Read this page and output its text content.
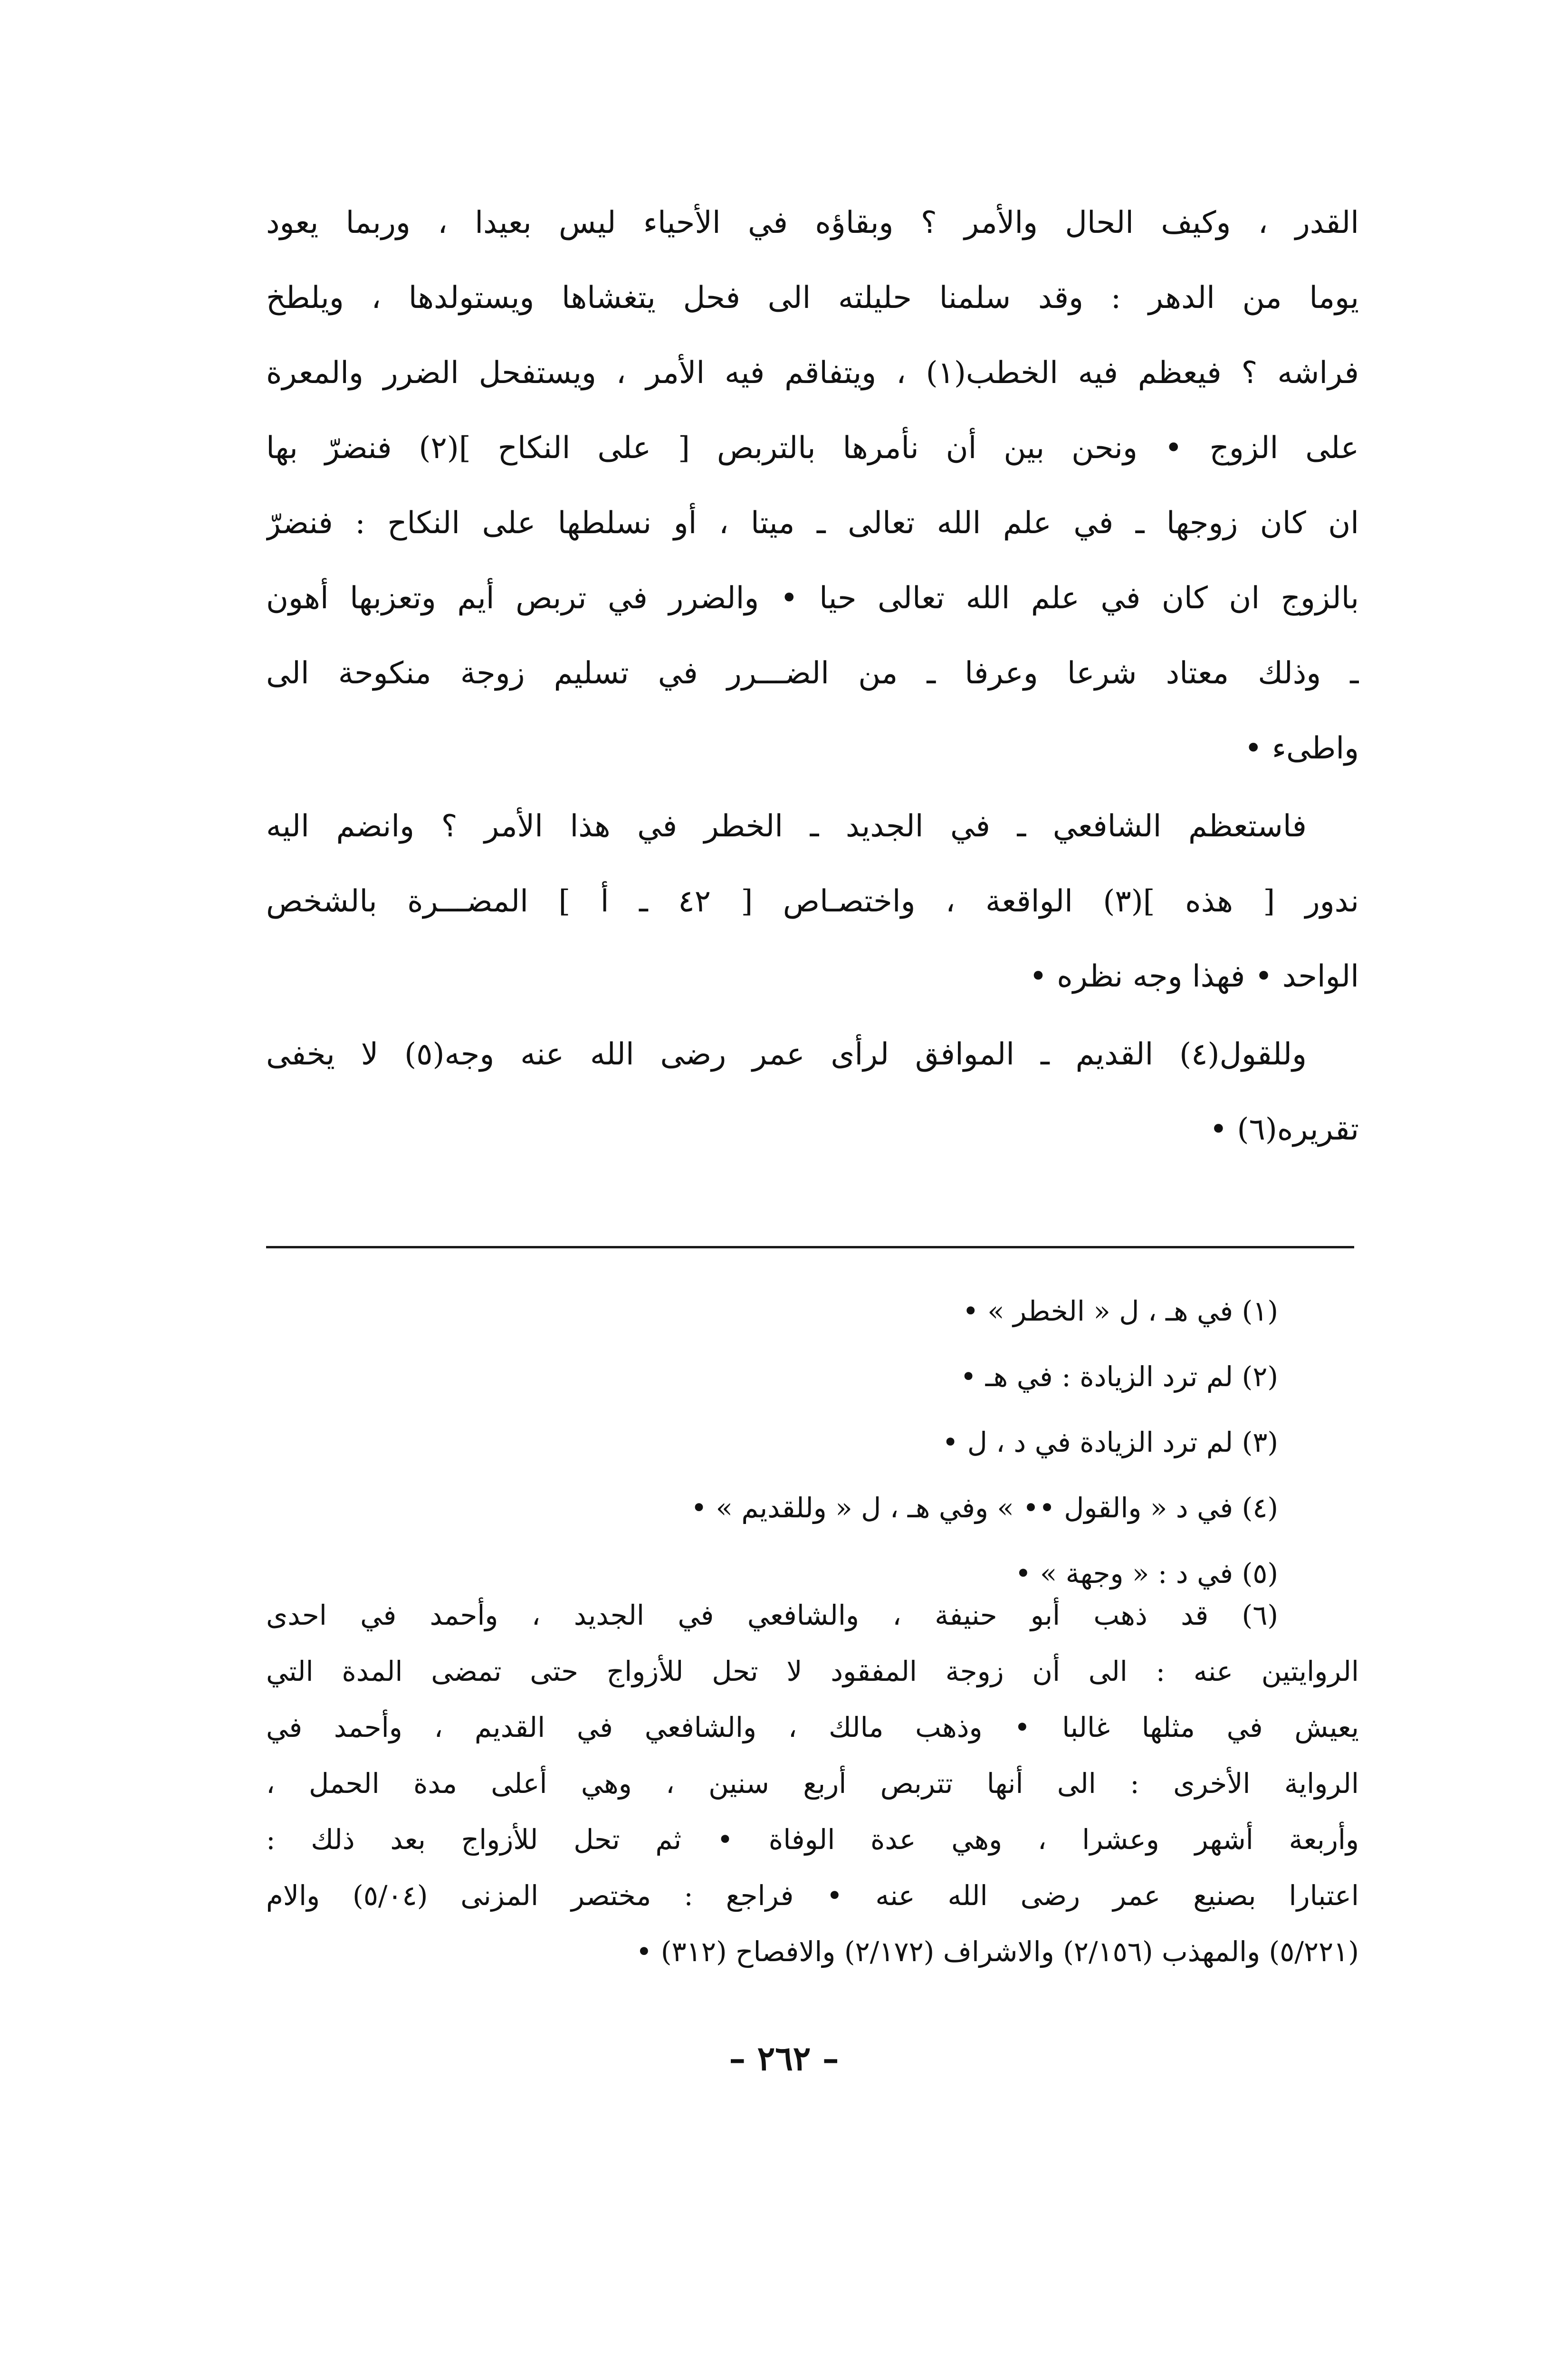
القدر ، وكيف الحال والأمر ؟ وبقاؤه في الأحياء ليس بعيدا ، وربما يعود
يوما من الدهر : وقد سلمنا حليلته الى فحل يتغشاها ويستولدها ، ويلطخ
فراشه ؟ فيعظم فيه الخطب(١) ، ويتفاقم فيه الأمر ، ويستفحل الضرر والمعرة
على الزوج • ونحن بين أن نأمرها بالتربص [ على النكاح ](٢) فنضرّ بها
ان كان زوجها ـ في علم الله تعالى ـ ميتا ، أو نسلطها على النكاح : فنضرّ
بالزوج ان كان في علم الله تعالى حيا • والضرر في تربص أيم وتعزبها أهون
ـ وذلك معتاد شرعا وعرفا ـ من الضـــرر في تسليم زوجة منكوحة الى
واطىء •
فاستعظم الشافعي ـ في الجديد ـ الخطر في هذا الأمر ؟ وانضم اليه
ندور [ هذه ](٣) الواقعة ، واختصـاص [ ٤٢ ـ أ ] المضـــرة بالشخص
الواحد • فهذا وجه نظره •
وللقول(٤) القديم ـ الموافق لرأى عمر رضى الله عنه وجه(٥) لا يخفى
تقريره(٦) •
(١) في هـ ، ل « الخطر » •
(٢) لم ترد الزيادة : في هـ •
(٣) لم ترد الزيادة في د ، ل •
(٤) في د « والقول •• » وفي هـ ، ل « وللقديم » •
(٥) في د : « وجهة » •
(٦) قد ذهب أبو حنيفة ، والشافعي في الجديد ، وأحمد في احدى
الروايتين عنه : الى أن زوجة المفقود لا تحل للأزواج حتى تمضى المدة التي
يعيش في مثلها غالبا • وذهب مالك ، والشافعي في القديم ، وأحمد في
الرواية الأخرى : الى أنها تتربص أربع سنين ، وهي أعلى مدة الحمل ،
وأربعة أشهر وعشرا ، وهي عدة الوفاة • ثم تحل للأزواج بعد ذلك :
اعتبارا بصنيع عمر رضى الله عنه • فراجع : مختصر المزنى (٥/٠٤) والام
(٥/٢٢١) والمهذب (٢/١٥٦) والاشراف (٢/١٧٢) والافصاح (٣١٢) •
– ٢٦٢ –
